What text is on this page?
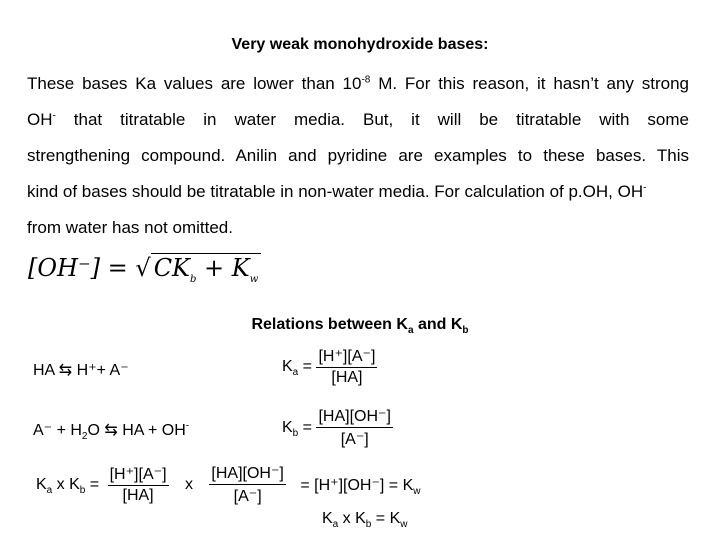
Very weak monohydroxide bases:
These bases Ka values are lower than $10^{-8}$ M. For this reason, it hasn’t any strong
OH- that titratable in water media. But, it will be titratable with some
strengthening compound. Anilin and pyridine are examples to these bases. This
kind of bases should be titratable in non-water media. For calculation of p.OH, OH-
from water has not omitted.
[OH⁻] = √ $CK_b + K_w$
Relations between $K_a$ and $K_b$
HA ⇆ H⁺+ A⁻	$K_a = \frac{[H^+][A^-]}{[HA]}$
$A^- + H_2O$ ⇆ HA + OH-	$K_b = \frac{[HA][OH^-]}{[A^-]}$
$K_a$ x $K_b = \frac{[H^+][A^-]}{[HA]}$ x $\frac{[HA][OH^-]}{[A^-]} = [H^+][OH^-] = K_w$
$K_a$ x $K_b = K_w$
